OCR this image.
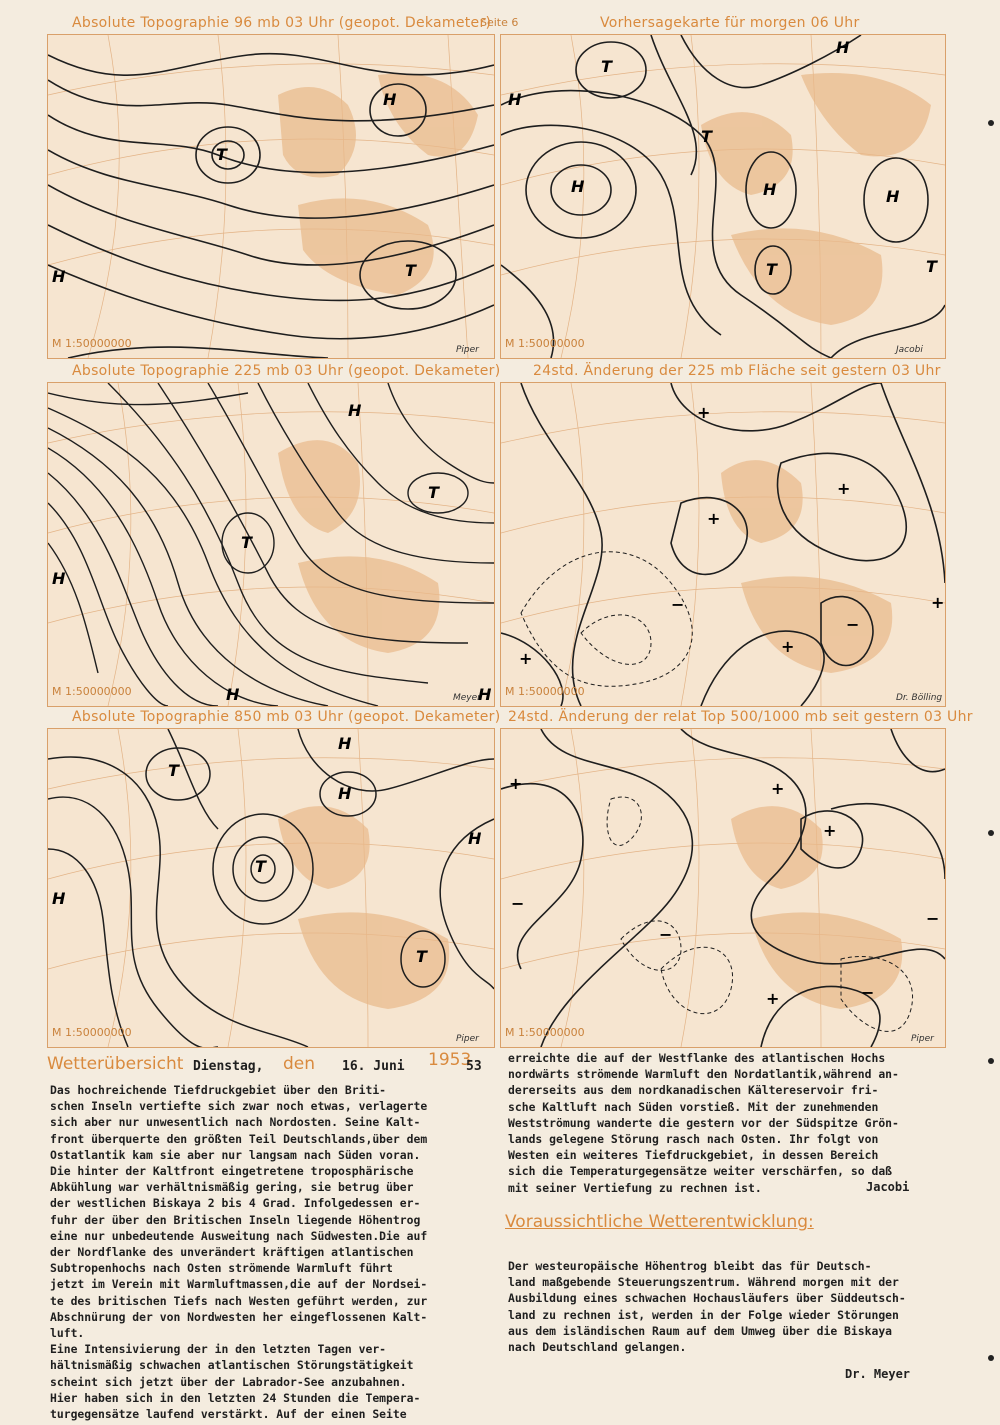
Seite 6
Absolute Topographie 96 mb 03 Uhr (geopot. Dekameter)	Vorhersagekarte für morgen 06 Uhr
Absolute Topographie 225 mb 03 Uhr (geopot. Dekameter) 24std. Änderung der 225 mb Fläche seit gestern 03 Uhr
Absolute Topographie 850 mb 03 Uhr (geopot. Dekameter) 24std. Änderung der relat Top 500/1000 mb seit gestern 03 Uhr
M 1:50000000	Piper
T
T
H
H
M 1:50000000	Jacobi
H	H	H
H
T
T
T	T
H
M 1:50000000	Meyer
H
T
T
H
H	H M 1:50000000	Dr. Bölling
+
+
+
−
+
+
−
+
M 1:50000000	Piper
T
H
T
H
T
H
H
M 1:50000000	Piper
+
−
−
+
+
−
+
−
Wetterübersicht Dienstag, den 16. Juni 1953
53

Das hochreichende Tiefdruckgebiet über den Briti-

schen Inseln vertiefte sich zwar noch etwas, verlagerte

sich aber nur unwesentlich nach Nordosten. Seine Kalt-

front überquerte den größten Teil Deutschlands,über dem

Ostatlantik kam sie aber nur langsam nach Süden voran.

Die hinter der Kaltfront eingetretene troposphärische

Abkühlung war verhältnismäßig gering, sie betrug über

der westlichen Biskaya 2 bis 4 Grad. Infolgedessen er-

fuhr der über den Britischen Inseln liegende Höhentrog

eine nur unbedeutende Ausweitung nach Südwesten.Die auf

der Nordflanke des unverändert kräftigen atlantischen

Subtropenhochs nach Osten strömende Warmluft führt

jetzt im Verein mit Warmluftmassen,die auf der Nordsei-

te des britischen Tiefs nach Westen geführt werden, zur

Abschnürung der von Nordwesten her eingeflossenen Kalt-

luft.

Eine Intensivierung der in den letzten Tagen ver-

hältnismäßig schwachen atlantischen Störungstätigkeit

scheint sich jetzt über der Labrador-See anzubahnen.

Hier haben sich in den letzten 24 Stunden die Tempera-

turgegensätze laufend verstärkt. Auf der einen Seite

erreichte die auf der Westflanke des atlantischen Hochs

nordwärts strömende Warmluft den Nordatlantik,während an-

dererseits aus dem nordkanadischen Kältereservoir fri-

sche Kaltluft nach Süden vorstieß. Mit der zunehmenden

Westströmung wanderte die gestern vor der Südspitze Grön-

lands gelegene Störung rasch nach Osten. Ihr folgt von

Westen ein weiteres Tiefdruckgebiet, in dessen Bereich

sich die Temperaturgegensätze weiter verschärfen, so daß

mit seiner Vertiefung zu rechnen ist.	Jacobi
Voraussichtliche Wetterentwicklung:

Der westeuropäische Höhentrog bleibt das für Deutsch-

land maßgebende Steuerungszentrum. Während morgen mit der

Ausbildung eines schwachen Hochausläufers über Süddeutsch-

land zu rechnen ist, werden in der Folge wieder Störungen

aus dem isländischen Raum auf dem Umweg über die Biskaya

nach Deutschland gelangen.

Dr. Meyer
